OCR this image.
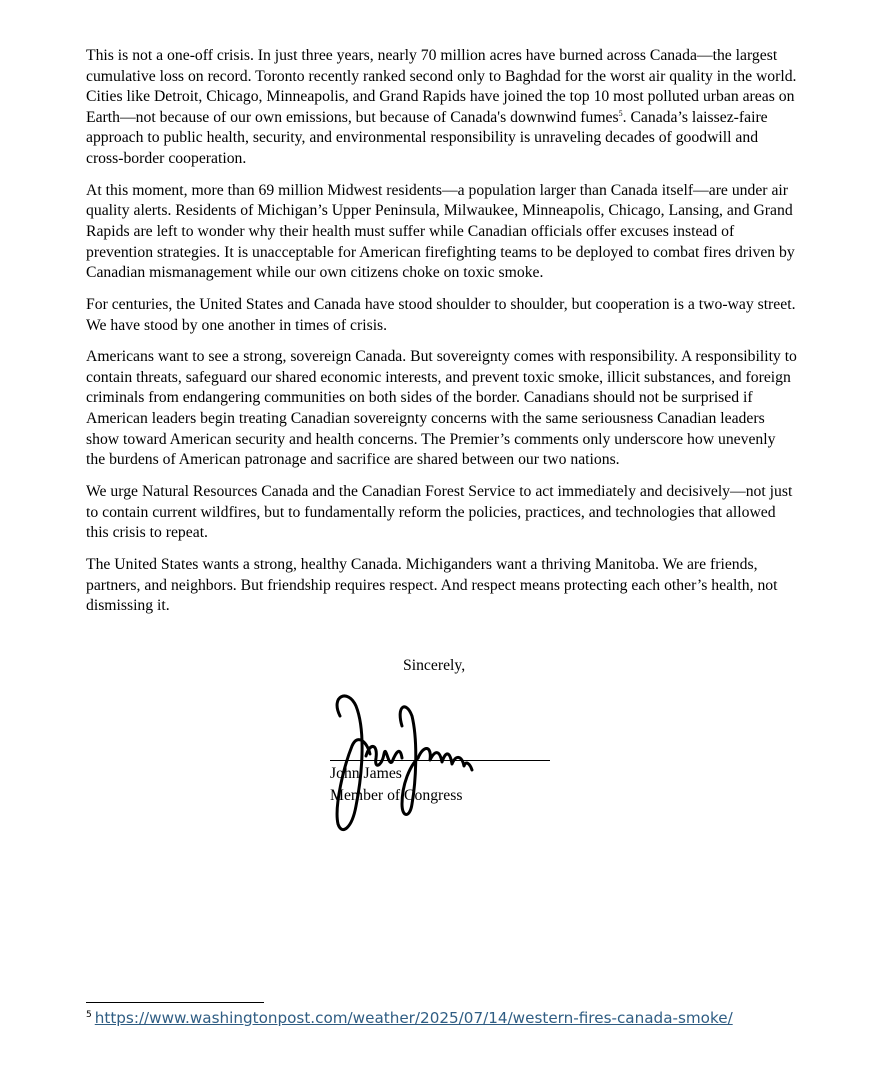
This is not a one-off crisis. In just three years, nearly 70 million acres have burned across Canada—the largest cumulative loss on record. Toronto recently ranked second only to Baghdad for the worst air quality in the world. Cities like Detroit, Chicago, Minneapolis, and Grand Rapids have joined the top 10 most polluted urban areas on Earth—not because of our own emissions, but because of Canada's downwind fumes$^5$. Canada’s laissez-faire approach to public health, security, and environmental responsibility is unraveling decades of goodwill and cross-border cooperation.

At this moment, more than 69 million Midwest residents—a population larger than Canada itself—are under air quality alerts. Residents of Michigan’s Upper Peninsula, Milwaukee, Minneapolis, Chicago, Lansing, and Grand Rapids are left to wonder why their health must suffer while Canadian officials offer excuses instead of prevention strategies. It is unacceptable for American firefighting teams to be deployed to combat fires driven by Canadian mismanagement while our own citizens choke on toxic smoke.

For centuries, the United States and Canada have stood shoulder to shoulder, but cooperation is a two-way street. We have stood by one another in times of crisis.

Americans want to see a strong, sovereign Canada. But sovereignty comes with responsibility. A responsibility to contain threats, safeguard our shared economic interests, and prevent toxic smoke, illicit substances, and foreign criminals from endangering communities on both sides of the border. Canadians should not be surprised if American leaders begin treating Canadian sovereignty concerns with the same seriousness Canadian leaders show toward American security and health concerns. The Premier’s comments only underscore how unevenly the burdens of American patronage and sacrifice are shared between our two nations.

We urge Natural Resources Canada and the Canadian Forest Service to act immediately and decisively—not just to contain current wildfires, but to fundamentally reform the policies, practices, and technologies that allowed this crisis to repeat.

The United States wants a strong, healthy Canada. Michiganders want a thriving Manitoba. We are friends, partners, and neighbors. But friendship requires respect. And respect means protecting each other’s health, not dismissing it.

Sincerely,
John James
Member of Congress
$^5$ https://www.washingtonpost.com/weather/2025/07/14/western-fires-canada-smoke/
